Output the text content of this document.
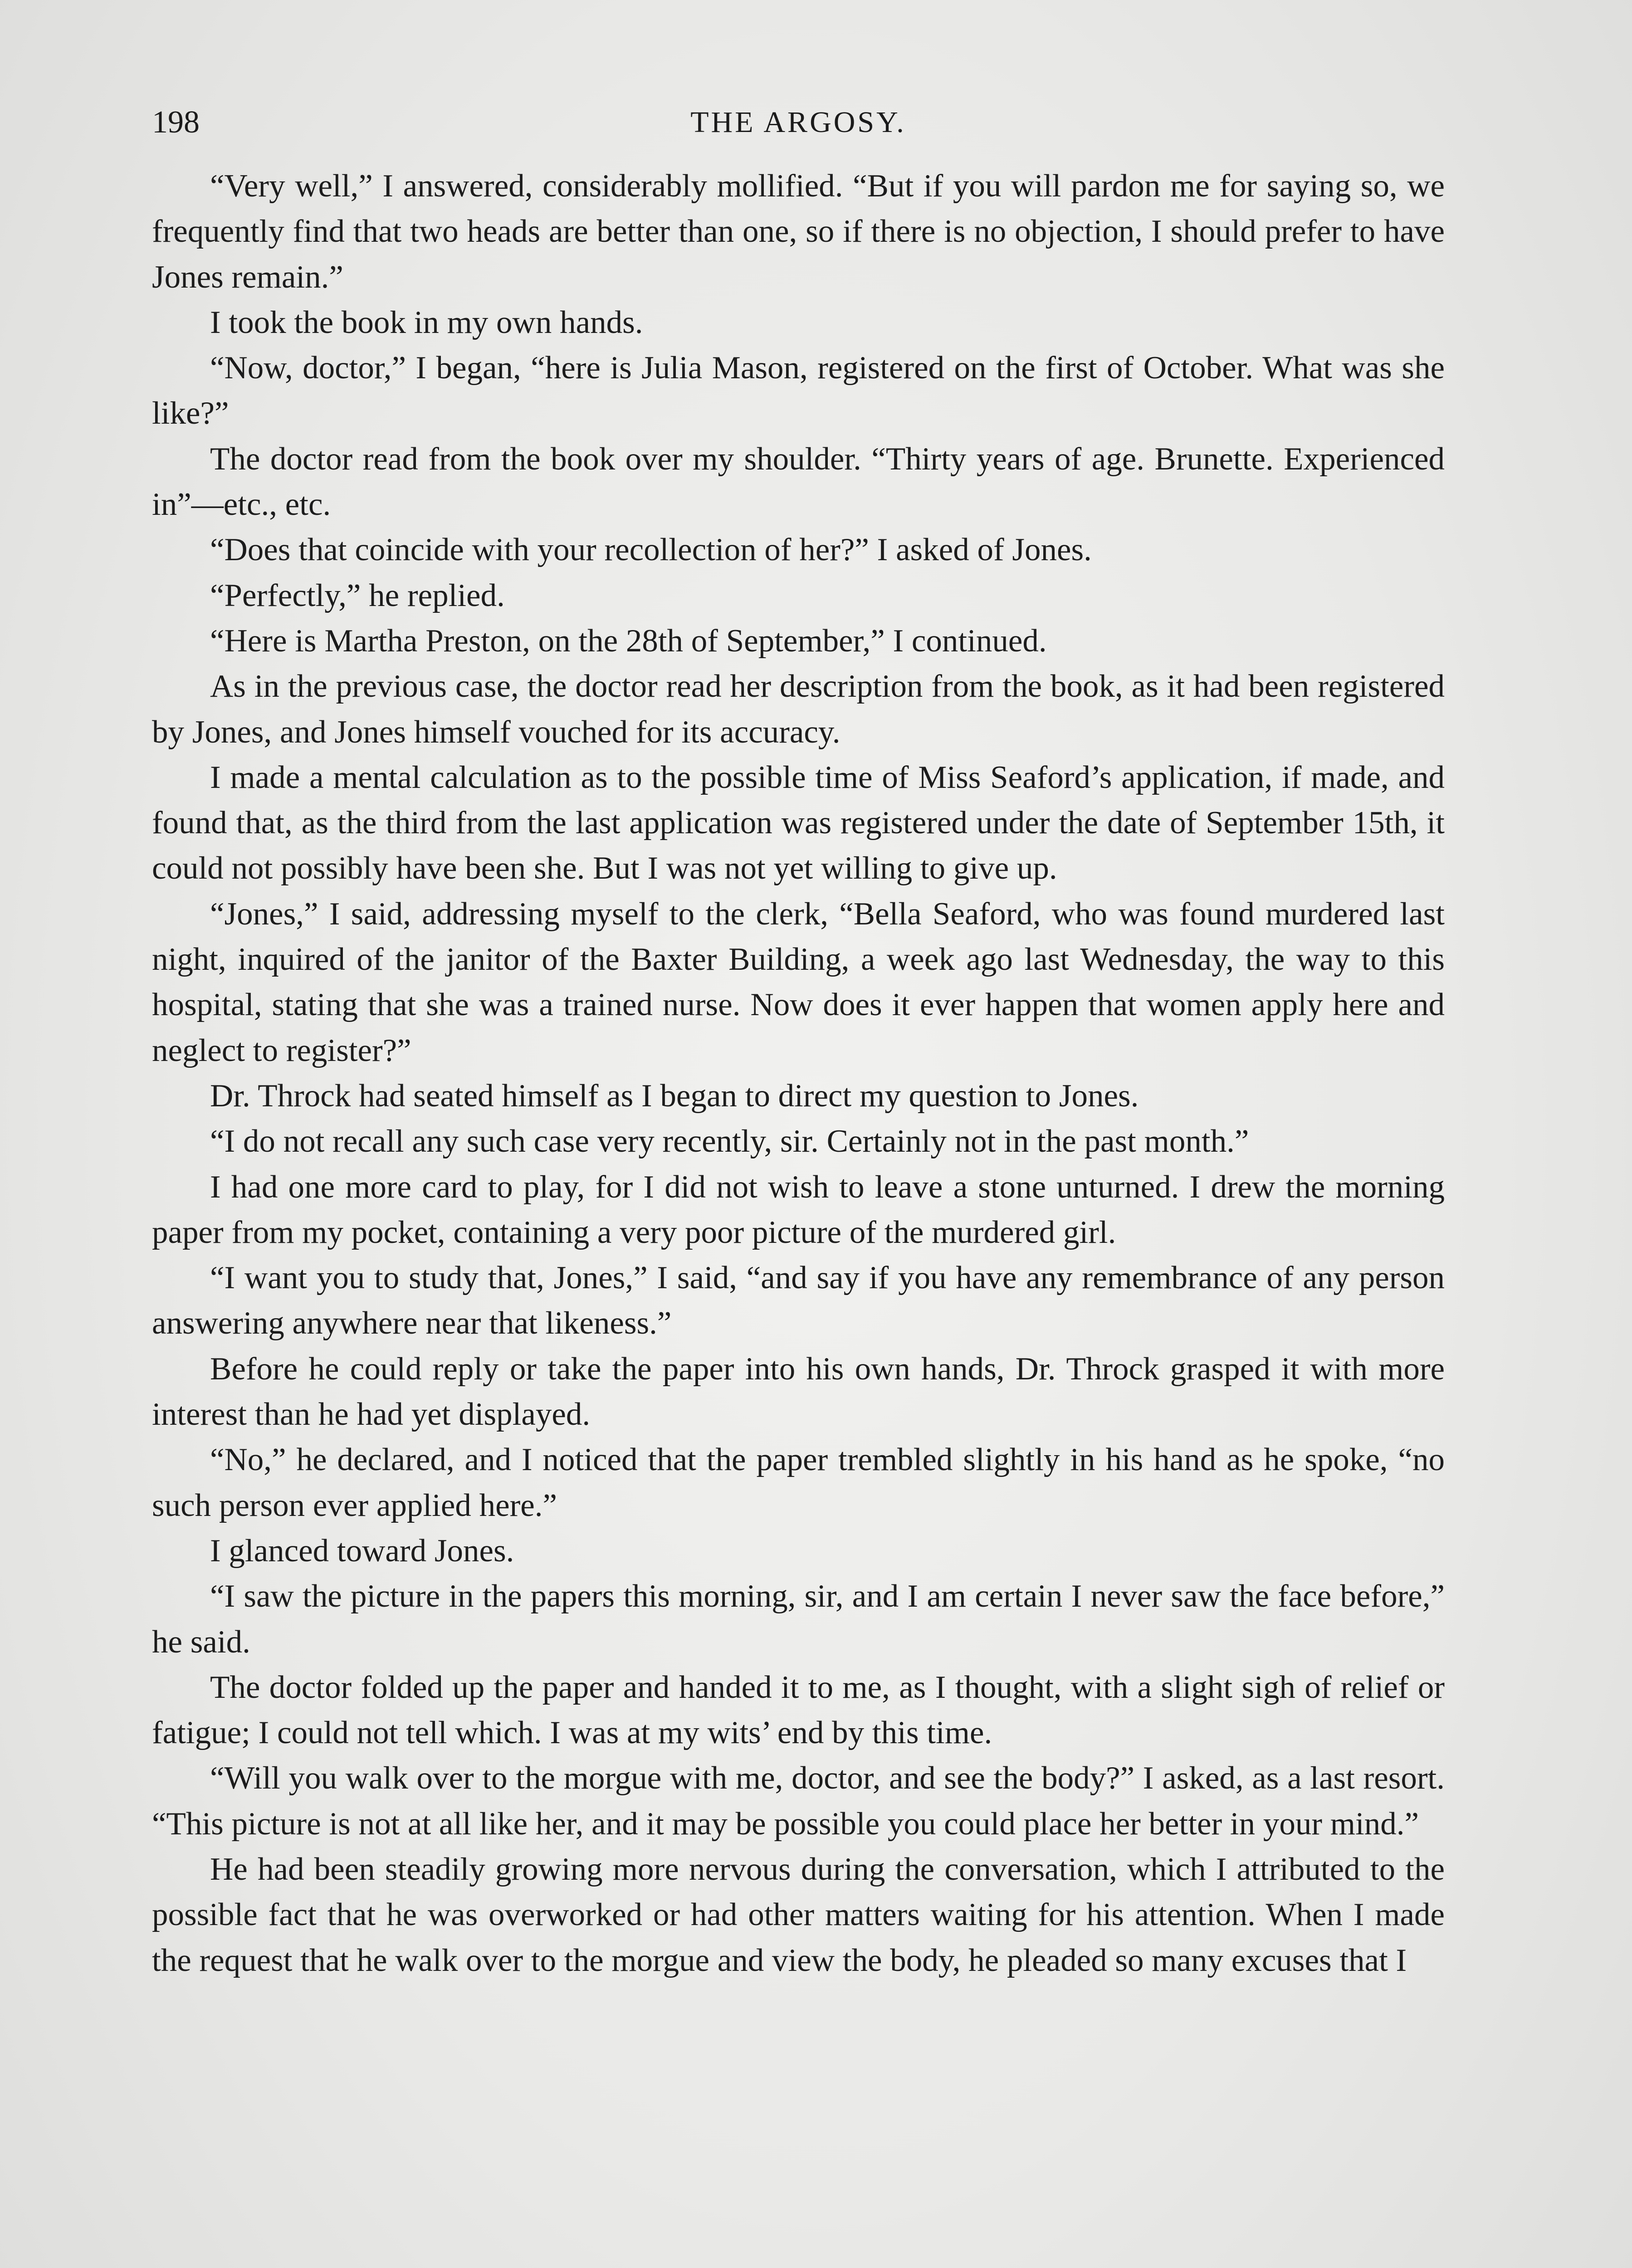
198	THE ARGOSY.

“Very well,” I answered, considerably mollified. “But if you will pardon me for saying so, we frequently find that two heads are better than one, so if there is no objection, I should prefer to have Jones remain.”

I took the book in my own hands.

“Now, doctor,” I began, “here is Julia Mason, registered on the first of October. What was she like?”

The doctor read from the book over my shoulder. “Thirty years of age. Brunette. Experienced in”—etc., etc.

“Does that coincide with your recollection of her?” I asked of Jones.

“Perfectly,” he replied.

“Here is Martha Preston, on the 28th of September,” I continued.

As in the previous case, the doctor read her description from the book, as it had been registered by Jones, and Jones himself vouched for its accuracy.

I made a mental calculation as to the possible time of Miss Seaford’s application, if made, and found that, as the third from the last application was registered under the date of September 15th, it could not possibly have been she. But I was not yet willing to give up.

“Jones,” I said, addressing myself to the clerk, “Bella Seaford, who was found murdered last night, inquired of the janitor of the Baxter Building, a week ago last Wednesday, the way to this hospital, stating that she was a trained nurse. Now does it ever happen that women apply here and neglect to register?”

Dr. Throck had seated himself as I began to direct my question to Jones.

“I do not recall any such case very recently, sir. Certainly not in the past month.”

I had one more card to play, for I did not wish to leave a stone unturned. I drew the morning paper from my pocket, containing a very poor picture of the murdered girl.

“I want you to study that, Jones,” I said, “and say if you have any remembrance of any person answering anywhere near that likeness.”

Before he could reply or take the paper into his own hands, Dr. Throck grasped it with more interest than he had yet displayed.

“No,” he declared, and I noticed that the paper trembled slightly in his hand as he spoke, “no such person ever applied here.”

I glanced toward Jones.

“I saw the picture in the papers this morning, sir, and I am certain I never saw the face before,” he said.

The doctor folded up the paper and handed it to me, as I thought, with a slight sigh of relief or fatigue; I could not tell which. I was at my wits’ end by this time.

“Will you walk over to the morgue with me, doctor, and see the body?” I asked, as a last resort. “This picture is not at all like her, and it may be possible you could place her better in your mind.”

He had been steadily growing more nervous during the conversation, which I attributed to the possible fact that he was overworked or had other matters waiting for his attention. When I made the request that he walk over to the morgue and view the body, he pleaded so many excuses that I
